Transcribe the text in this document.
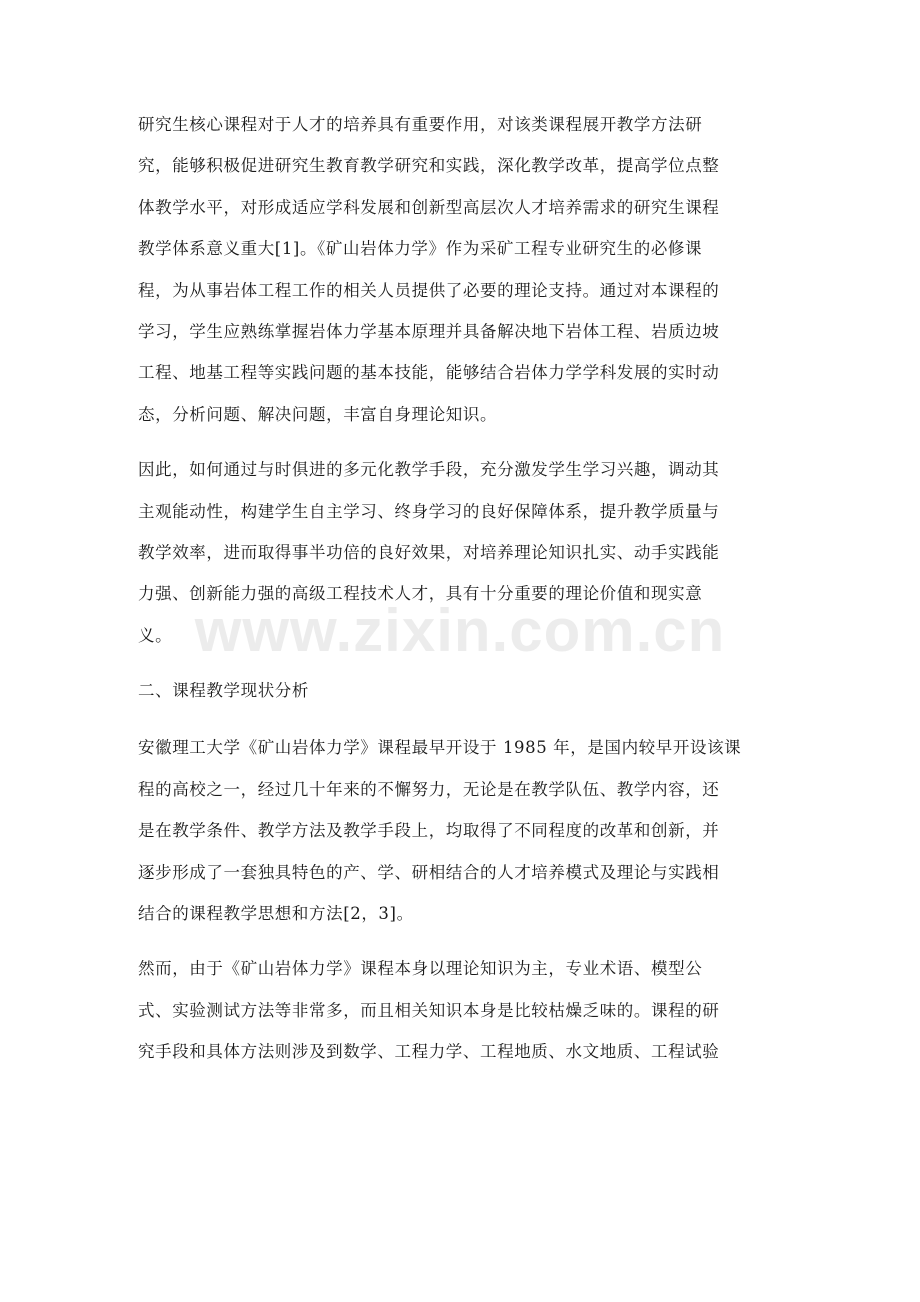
研究生核心课程对于人才的培养具有重要作用，对该类课程展开教学方法研
究，能够积极促进研究生教育教学研究和实践，深化教学改革，提高学位点整
体教学水平，对形成适应学科发展和创新型高层次人才培养需求的研究生课程
教学体系意义重大[1]。《矿山岩体力学》作为采矿工程专业研究生的必修课
程，为从事岩体工程工作的相关人员提供了必要的理论支持。通过对本课程的
学习，学生应熟练掌握岩体力学基本原理并具备解决地下岩体工程、岩质边坡
工程、地基工程等实践问题的基本技能，能够结合岩体力学学科发展的实时动
态，分析问题、解决问题，丰富自身理论知识。
因此，如何通过与时俱进的多元化教学手段，充分激发学生学习兴趣，调动其
主观能动性，构建学生自主学习、终身学习的良好保障体系，提升教学质量与
教学效率，进而取得事半功倍的良好效果，对培养理论知识扎实、动手实践能
力强、创新能力强的高级工程技术人才，具有十分重要的理论价值和现实意
义。
二、课程教学现状分析
安徽理工大学《矿山岩体力学》课程最早开设于 1985 年，是国内较早开设该课
程的高校之一，经过几十年来的不懈努力，无论是在教学队伍、教学内容，还
是在教学条件、教学方法及教学手段上，均取得了不同程度的改革和创新，并
逐步形成了一套独具特色的产、学、研相结合的人才培养模式及理论与实践相
结合的课程教学思想和方法[2，3]。
然而，由于《矿山岩体力学》课程本身以理论知识为主，专业术语、模型公
式、实验测试方法等非常多，而且相关知识本身是比较枯燥乏味的。课程的研
究手段和具体方法则涉及到数学、工程力学、工程地质、水文地质、工程试验
www.zixin.com.cn
